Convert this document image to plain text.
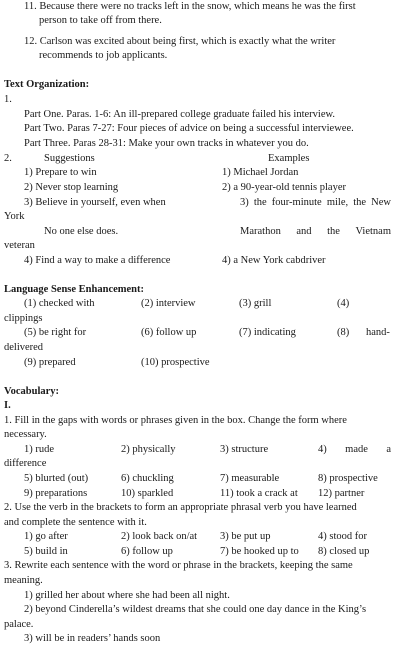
11. Because there were no tracks left in the snow, which means he was the first
person to take off from there.
12. Carlson was excited about being first, which is exactly what the writer
recommends to job applicants.
Text Organization:
1.
Part One. Paras. 1-6: An ill-prepared college graduate failed his interview.
Part Two. Paras 7-27: Four pieces of advice on being a successful interviewee.
Part Three. Paras 28-31: Make your own tracks in whatever you do.
2.	Suggestions	Examples
1) Prepare to win	1) Michael Jordan
2) Never stop learning	2) a 90-year-old tennis player
3) Believe in yourself, even when	3) the four-minute mile, the New
York
No one else does.	Marathon and the Vietnam
veteran
4) Find a way to make a difference	4) a New York cabdriver
Language Sense Enhancement:
(1) checked with	(2) interview	(3) grill	(4)
clippings
(5) be right for	(6) follow up	(7) indicating	(8) hand-
delivered
(9) prepared	(10) prospective
Vocabulary:
I.
1. Fill in the gaps with words or phrases given in the box. Change the form where
necessary.
1) rude	2) physically	3) structure	4) made a
difference
5) blurted (out)	6) chuckling	7) measurable	8) prospective
9) preparations	10) sparkled	11) took a crack at 12) partner
2. Use the verb in the brackets to form an appropriate phrasal verb you have learned
and complete the sentence with it.
1) go after	2) look back on/at 3) be put up	4) stood for
5) build in	6) follow up	7) be hooked up to 8) closed up
3. Rewrite each sentence with the word or phrase in the brackets, keeping the same
meaning.
1) grilled her about where she had been all night.
2) beyond Cinderella’s wildest dreams that she could one day dance in the King’s
palace.
3) will be in readers’ hands soon
